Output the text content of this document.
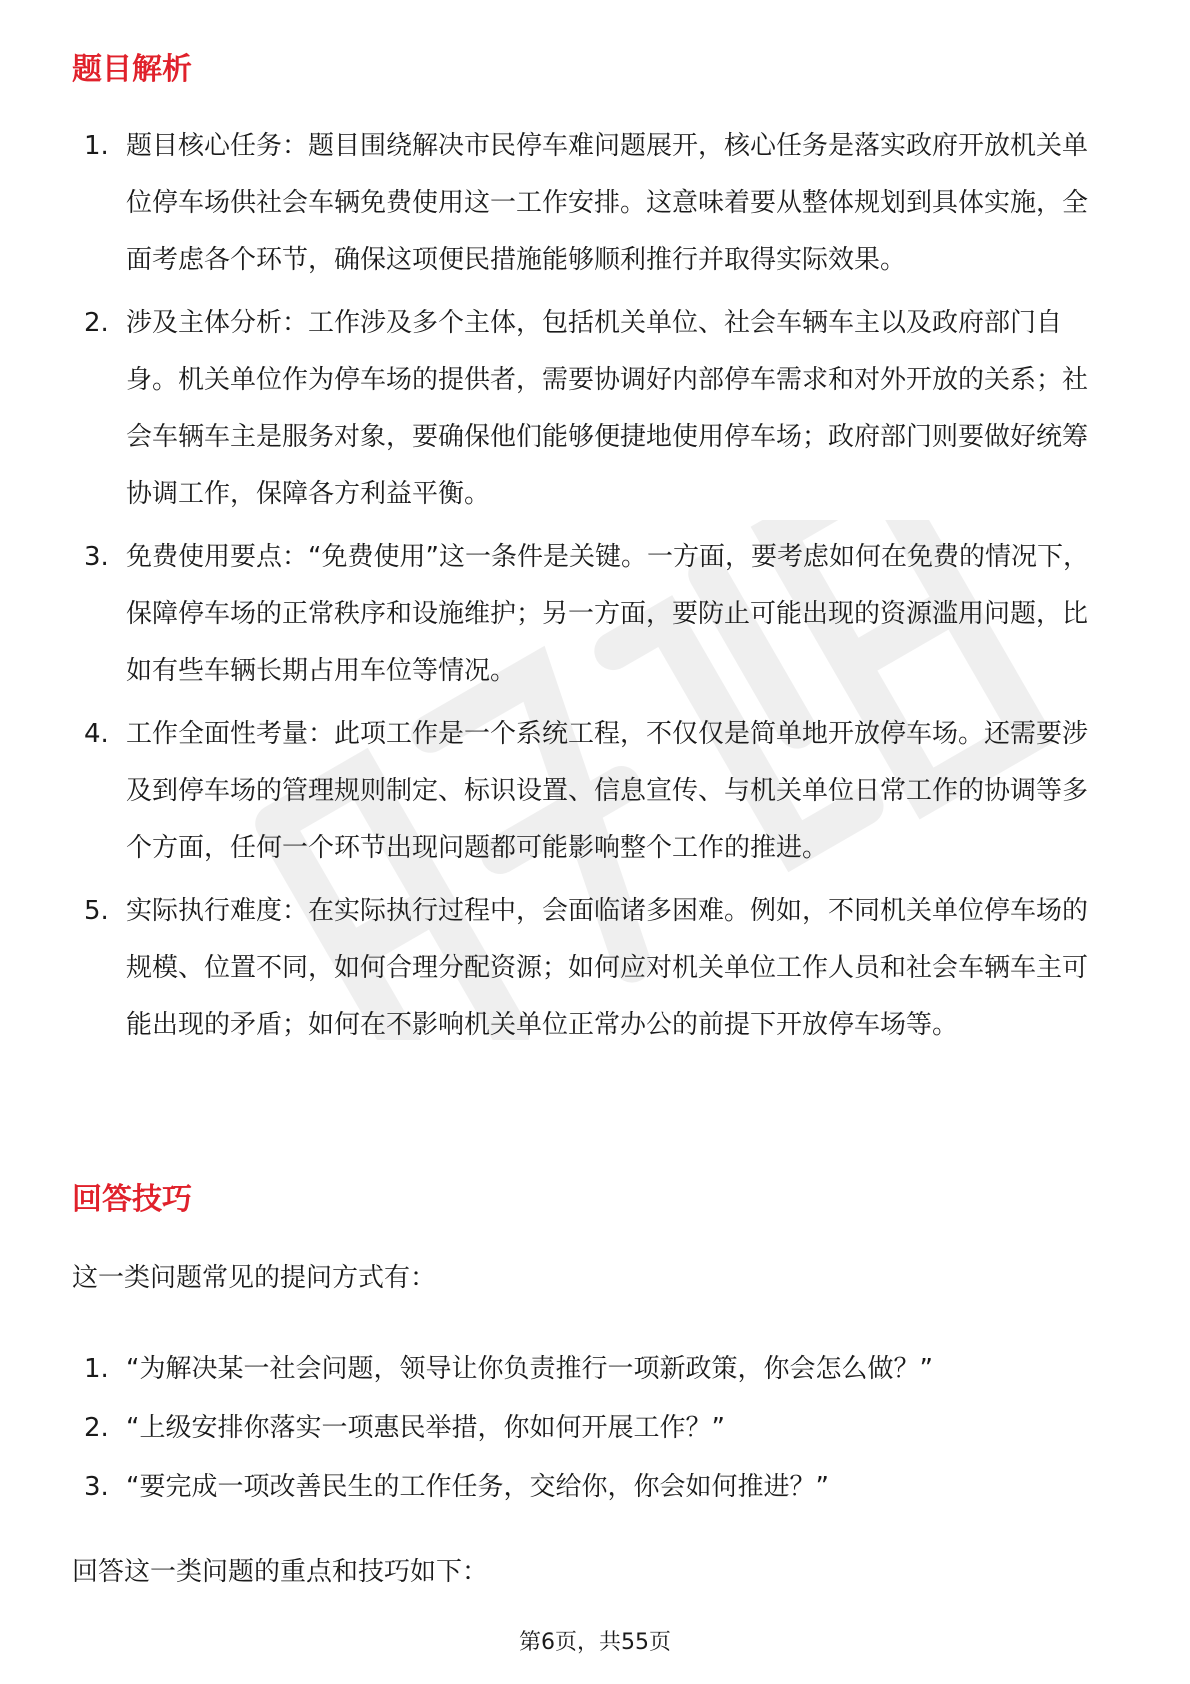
题目解析
1. 题目核心任务：题目围绕解决市民停车难问题展开，核心任务是落实政府开放机关单位停车场供社会车辆免费使用这一工作安排。这意味着要从整体规划到具体实施，全面考虑各个环节，确保这项便民措施能够顺利推行并取得实际效果。
2. 涉及主体分析：工作涉及多个主体，包括机关单位、社会车辆车主以及政府部门自身。机关单位作为停车场的提供者，需要协调好内部停车需求和对外开放的关系；社会车辆车主是服务对象，要确保他们能够便捷地使用停车场；政府部门则要做好统筹协调工作，保障各方利益平衡。
3. 免费使用要点：“免费使用”这一条件是关键。一方面，要考虑如何在免费的情况下，保障停车场的正常秩序和设施维护；另一方面，要防止可能出现的资源滥用问题，比如有些车辆长期占用车位等情况。
4. 工作全面性考量：此项工作是一个系统工程，不仅仅是简单地开放停车场。还需要涉及到停车场的管理规则制定、标识设置、信息宣传、与机关单位日常工作的协调等多个方面，任何一个环节出现问题都可能影响整个工作的推进。
5. 实际执行难度：在实际执行过程中，会面临诸多困难。例如，不同机关单位停车场的规模、位置不同，如何合理分配资源；如何应对机关单位工作人员和社会车辆车主可能出现的矛盾；如何在不影响机关单位正常办公的前提下开放停车场等。
回答技巧

这一类问题常见的提问方式有：

1. “为解决某一社会问题，领导让你负责推行一项新政策，你会怎么做？”
2. “上级安排你落实一项惠民举措，你如何开展工作？”
3. “要完成一项改善民生的工作任务，交给你，你会如何推进？”

回答这一类问题的重点和技巧如下：

第6页，共55页
